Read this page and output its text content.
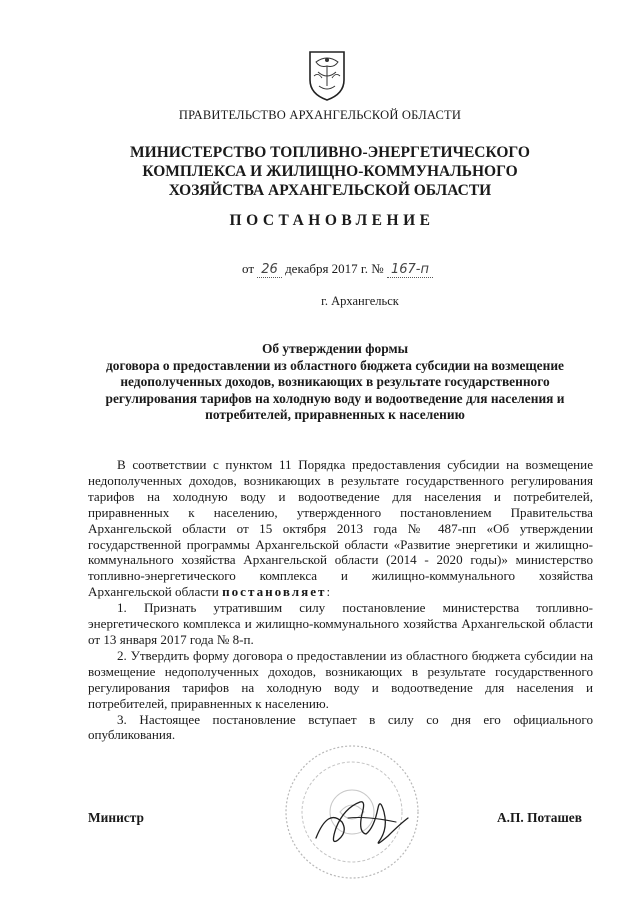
ПРАВИТЕЛЬСТВО АРХАНГЕЛЬСКОЙ ОБЛАСТИ
МИНИСТЕРСТВО ТОПЛИВНО-ЭНЕРГЕТИЧЕСКОГО
КОМПЛЕКСА И ЖИЛИЩНО-КОММУНАЛЬНОГО
ХОЗЯЙСТВА АРХАНГЕЛЬСКОЙ ОБЛАСТИ
ПОСТАНОВЛЕНИЕ
от 26 декабря 2017 г. № 167-п
г. Архангельск
Об утверждении формы
договора о предоставлении из областного бюджета субсидии на возмещение
недополученных доходов, возникающих в результате государственного
регулирования тарифов на холодную воду и водоотведение для населения и
потребителей, приравненных к населению

В соответствии с пунктом 11 Порядка предоставления субсидии на возмещение недополученных доходов, возникающих в результате государственного регулирования тарифов на холодную воду и водоотведение для населения и потребителей, приравненных к населению, утвержденного постановлением Правительства Архангельской области от 15 октября 2013 года № 487-пп «Об утверждении государственной программы Архангельской области «Развитие энергетики и жилищно-коммунального хозяйства Архангельской области (2014 - 2020 годы)» министерство топливно-энергетического комплекса и жилищно-коммунального хозяйства Архангельской области постановляет:

1. Признать утратившим силу постановление министерства топливно-энергетического комплекса и жилищно-коммунального хозяйства Архангельской области от 13 января 2017 года № 8-п.

2. Утвердить форму договора о предоставлении из областного бюджета субсидии на возмещение недополученных доходов, возникающих в результате государственного регулирования тарифов на холодную воду и водоотведение для населения и потребителей, приравненных к населению.

3. Настоящее постановление вступает в силу со дня его официального опубликования.

Министр	А.П. Поташев
